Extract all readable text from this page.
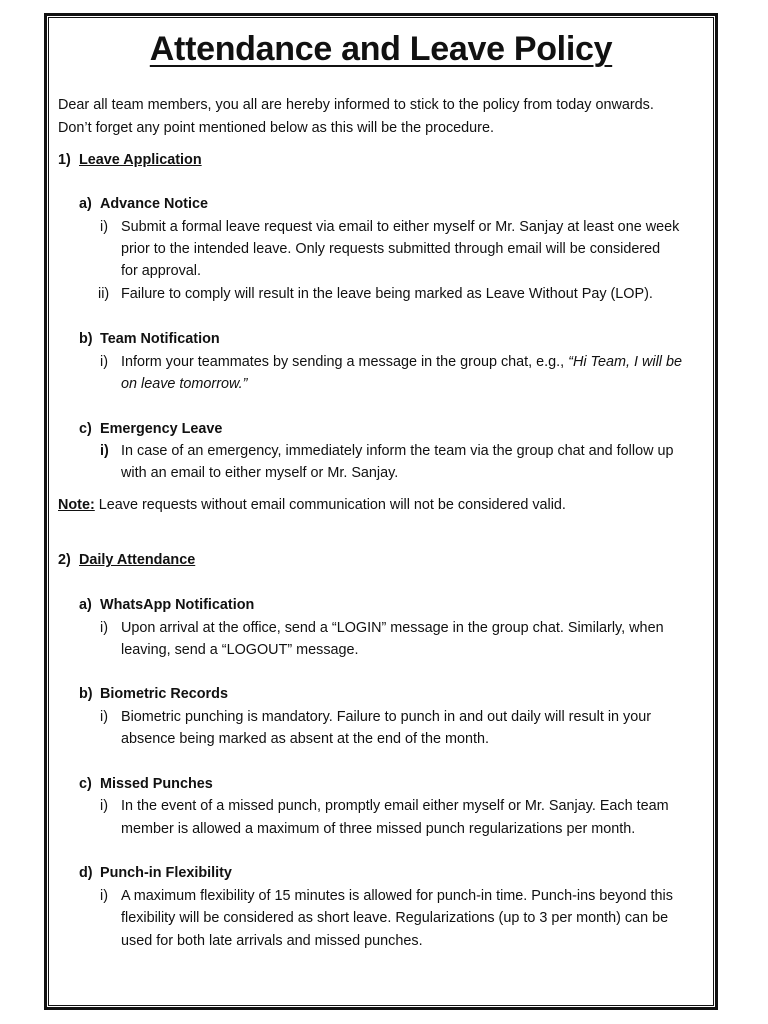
Attendance and Leave Policy
Dear all team members, you all are hereby informed to stick to the policy from today onwards.
Don’t forget any point mentioned below as this will be the procedure.
1) Leave Application
a) Advance Notice
i) Submit a formal leave request via email to either myself or Mr. Sanjay at least one week
prior to the intended leave. Only requests submitted through email will be considered
for approval.
ii) Failure to comply will result in the leave being marked as Leave Without Pay (LOP).
b) Team Notification
i) Inform your teammates by sending a message in the group chat, e.g., “Hi Team, I will be
on leave tomorrow.”
c) Emergency Leave
i) In case of an emergency, immediately inform the team via the group chat and follow up
with an email to either myself or Mr. Sanjay.
Note: Leave requests without email communication will not be considered valid.
2) Daily Attendance
a) WhatsApp Notification
i) Upon arrival at the office, send a “LOGIN” message in the group chat. Similarly, when
leaving, send a “LOGOUT” message.
b) Biometric Records
i) Biometric punching is mandatory. Failure to punch in and out daily will result in your
absence being marked as absent at the end of the month.
c) Missed Punches
i) In the event of a missed punch, promptly email either myself or Mr. Sanjay. Each team
member is allowed a maximum of three missed punch regularizations per month.
d) Punch-in Flexibility
i) A maximum flexibility of 15 minutes is allowed for punch-in time. Punch-ins beyond this
flexibility will be considered as short leave. Regularizations (up to 3 per month) can be
used for both late arrivals and missed punches.
